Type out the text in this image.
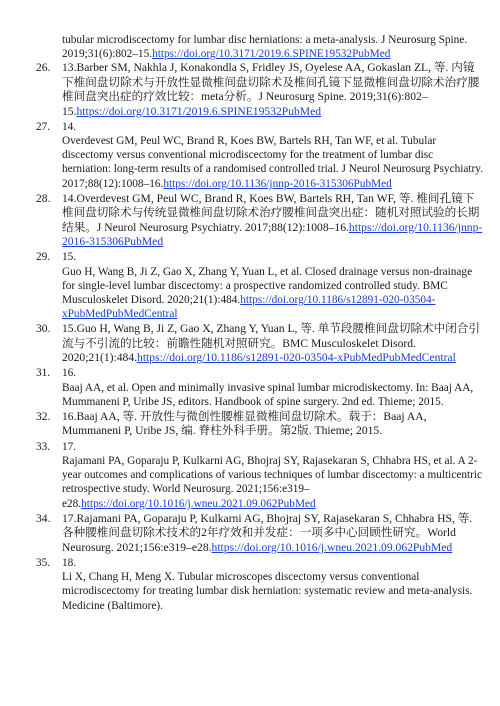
tubular microdiscectomy for lumbar disc herniations: a meta-analysis. J Neurosurg Spine. 2019;31(6):802–15.https://doi.org/10.3171/2019.6.SPINE19532PubMed
26. 13.Barber SM, Nakhla J, Konakondla S, Fridley JS, Oyelese AA, Gokaslan ZL, 等. 内镜下椎间盘切除术与开放性显微椎间盘切除术及椎间孔镜下显微椎间盘切除术治疗腰椎间盘突出症的疗效比较：meta分析。J Neurosurg Spine. 2019;31(6):802–15.https://doi.org/10.3171/2019.6.SPINE19532PubMed
27. 14.
Overdevest GM, Peul WC, Brand R, Koes BW, Bartels RH, Tan WF, et al. Tubular discectomy versus conventional microdiscectomy for the treatment of lumbar disc herniation: long-term results of a randomised controlled trial. J Neurol Neurosurg Psychiatry. 2017;88(12):1008–16.https://doi.org/10.1136/jnnp-2016-315306PubMed
28. 14.Overdevest GM, Peul WC, Brand R, Koes BW, Bartels RH, Tan WF, 等. 椎间孔镜下椎间盘切除术与传统显微椎间盘切除术治疗腰椎间盘突出症：随机对照试验的长期结果。J Neurol Neurosurg Psychiatry. 2017;88(12):1008–16.https://doi.org/10.1136/jnnp-2016-315306PubMed
29. 15.
Guo H, Wang B, Ji Z, Gao X, Zhang Y, Yuan L, et al. Closed drainage versus non-drainage for single-level lumbar discectomy: a prospective randomized controlled study. BMC Musculoskelet Disord. 2020;21(1):484.https://doi.org/10.1186/s12891-020-03504-xPubMedPubMedCentral
30. 15.Guo H, Wang B, Ji Z, Gao X, Zhang Y, Yuan L, 等. 单节段腰椎间盘切除术中闭合引流与不引流的比较：前瞻性随机对照研究。BMC Musculoskelet Disord. 2020;21(1):484.https://doi.org/10.1186/s12891-020-03504-xPubMedPubMedCentral
31. 16.
Baaj AA, et al. Open and minimally invasive spinal lumbar microdiskectomy. In: Baaj AA, Mummaneni P, Uribe JS, editors. Handbook of spine surgery. 2nd ed. Thieme; 2015.
32. 16.Baaj AA, 等. 开放性与微创性腰椎显微椎间盘切除术。载于：Baaj AA, Mummaneni P, Uribe JS, 编. 脊柱外科手册。第2版. Thieme; 2015.
33. 17.
Rajamani PA, Goparaju P, Kulkarni AG, Bhojraj SY, Rajasekaran S, Chhabra HS, et al. A 2-year outcomes and complications of various techniques of lumbar discectomy: a multicentric retrospective study. World Neurosurg. 2021;156:e319–e28.https://doi.org/10.1016/j.wneu.2021.09.062PubMed
34. 17.Rajamani PA, Goparaju P, Kulkarni AG, Bhojraj SY, Rajasekaran S, Chhabra HS, 等. 各种腰椎间盘切除术技术的2年疗效和并发症：一项多中心回顾性研究。World Neurosurg. 2021;156:e319–e28.https://doi.org/10.1016/j.wneu.2021.09.062PubMed
35. 18.
Li X, Chang H, Meng X. Tubular microscopes discectomy versus conventional microdiscectomy for treating lumbar disk herniation: systematic review and meta-analysis. Medicine (Baltimore).
